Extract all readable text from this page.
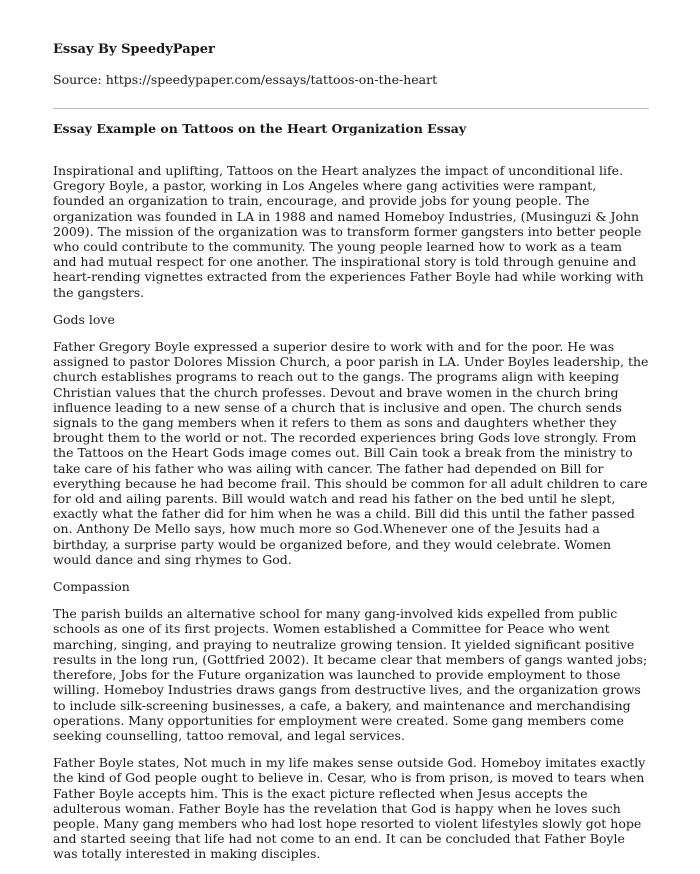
Essay By SpeedyPaper
Source: https://speedypaper.com/essays/tattoos-on-the-heart
Essay Example on Tattoos on the Heart Organization Essay

Inspirational and uplifting, Tattoos on the Heart analyzes the impact of unconditional life. Gregory Boyle, a pastor, working in Los Angeles where gang activities were rampant, founded an organization to train, encourage, and provide jobs for young people. The organization was founded in LA in 1988 and named Homeboy Industries, (Musinguzi & John 2009). The mission of the organization was to transform former gangsters into better people who could contribute to the community. The young people learned how to work as a team and had mutual respect for one another. The inspirational story is told through genuine and heart-rending vignettes extracted from the experiences Father Boyle had while working with the gangsters.

Gods love

Father Gregory Boyle expressed a superior desire to work with and for the poor. He was assigned to pastor Dolores Mission Church, a poor parish in LA. Under Boyles leadership, the church establishes programs to reach out to the gangs. The programs align with keeping Christian values that the church professes. Devout and brave women in the church bring influence leading to a new sense of a church that is inclusive and open. The church sends signals to the gang members when it refers to them as sons and daughters whether they brought them to the world or not. The recorded experiences bring Gods love strongly. From the Tattoos on the Heart Gods image comes out. Bill Cain took a break from the ministry to take care of his father who was ailing with cancer. The father had depended on Bill for everything because he had become frail. This should be common for all adult children to care for old and ailing parents. Bill would watch and read his father on the bed until he slept, exactly what the father did for him when he was a child. Bill did this until the father passed on. Anthony De Mello says, how much more so God.Whenever one of the Jesuits had a birthday, a surprise party would be organized before, and they would celebrate. Women would dance and sing rhymes to God.

Compassion

The parish builds an alternative school for many gang-involved kids expelled from public schools as one of its first projects. Women established a Committee for Peace who went marching, singing, and praying to neutralize growing tension. It yielded significant positive results in the long run, (Gottfried 2002). It became clear that members of gangs wanted jobs; therefore, Jobs for the Future organization was launched to provide employment to those willing. Homeboy Industries draws gangs from destructive lives, and the organization grows to include silk-screening businesses, a cafe, a bakery, and maintenance and merchandising operations. Many opportunities for employment were created. Some gang members come seeking counselling, tattoo removal, and legal services.

Father Boyle states, Not much in my life makes sense outside God. Homeboy imitates exactly the kind of God people ought to believe in. Cesar, who is from prison, is moved to tears when Father Boyle accepts him. This is the exact picture reflected when Jesus accepts the adulterous woman. Father Boyle has the revelation that God is happy when he loves such people. Many gang members who had lost hope resorted to violent lifestyles slowly got hope and started seeing that life had not come to an end. It can be concluded that Father Boyle was totally interested in making disciples.
